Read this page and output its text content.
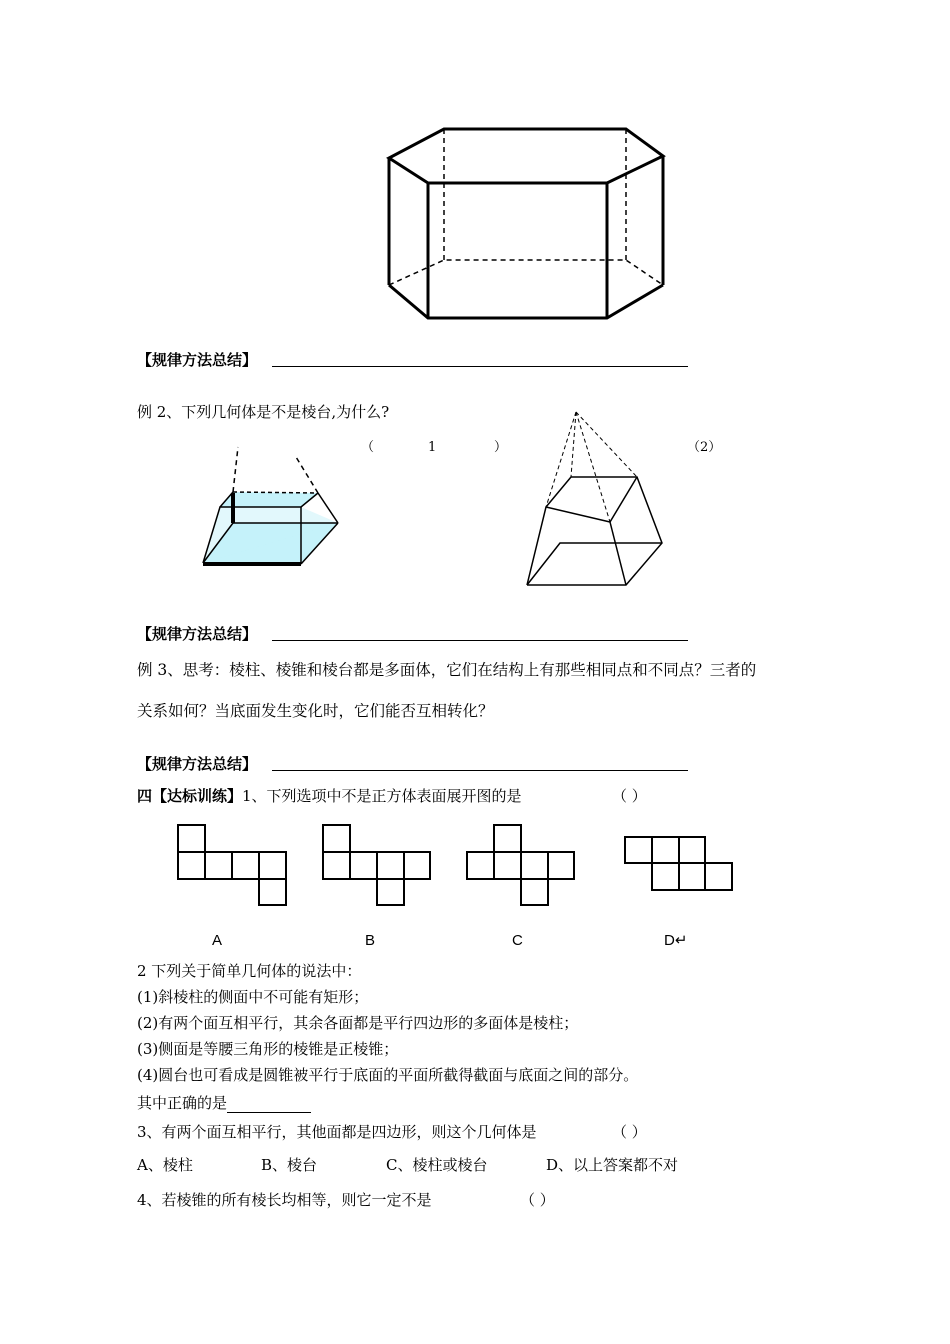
【规律方法总结】
例 2、下列几何体是不是棱台,为什么?
（	1	）	（2）
【规律方法总结】
例 3、思考：棱柱、棱锥和棱台都是多面体，它们在结构上有那些相同点和不同点？三者的
关系如何？当底面发生变化时，它们能否互相转化？
【规律方法总结】
四【达标训练】1、下列选项中不是正方体表面展开图的是	（ ）
A	B	C	D↵
2 下列关于简单几何体的说法中：
(1)斜棱柱的侧面中不可能有矩形；
(2)有两个面互相平行，其余各面都是平行四边形的多面体是棱柱；
(3)侧面是等腰三角形的棱锥是正棱锥；
(4)圆台也可看成是圆锥被平行于底面的平面所截得截面与底面之间的部分。
其中正确的是
3、有两个面互相平行，其他面都是四边形，则这个几何体是	（ ）
A、棱柱	B、棱台	C、棱柱或棱台	D、以上答案都不对
4、若棱锥的所有棱长均相等，则它一定不是	（ ）
